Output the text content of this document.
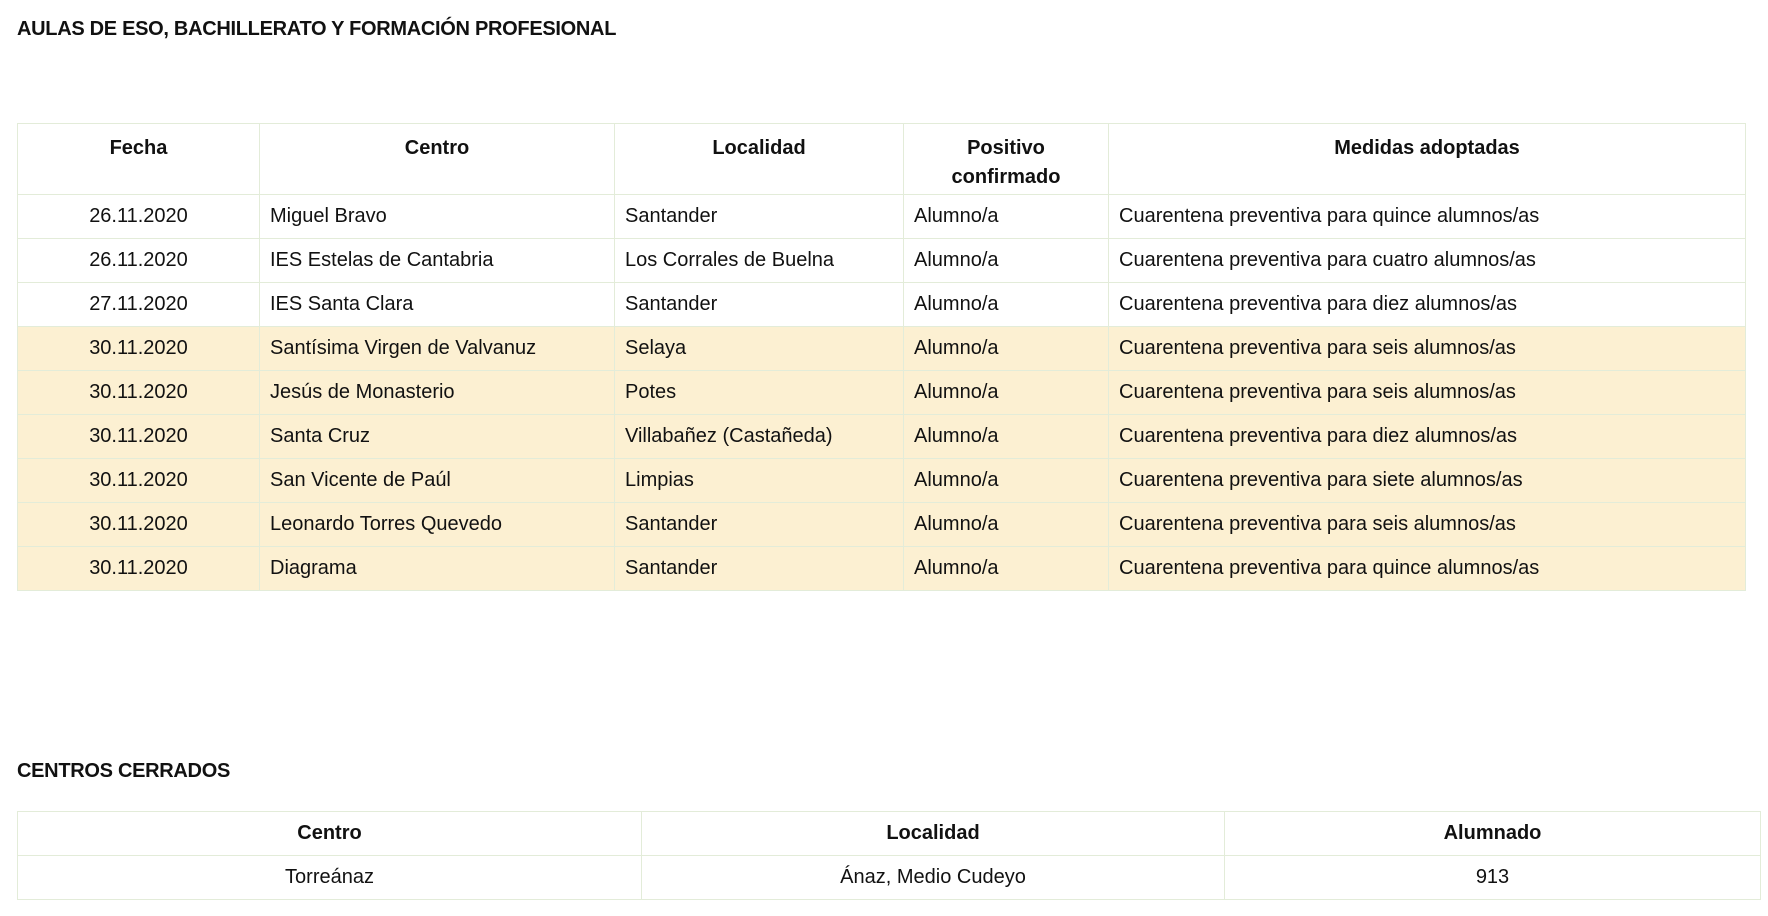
AULAS DE ESO, BACHILLERATO Y FORMACIÓN PROFESIONAL
Fecha	Centro	Localidad	Positivo confirmado	Medidas adoptadas
26.11.2020	Miguel Bravo	Santander	Alumno/a	Cuarentena preventiva para quince alumnos/as
26.11.2020	IES Estelas de Cantabria	Los Corrales de Buelna	Alumno/a	Cuarentena preventiva para cuatro alumnos/as
27.11.2020	IES Santa Clara	Santander	Alumno/a	Cuarentena preventiva para diez alumnos/as
30.11.2020	Santísima Virgen de Valvanuz	Selaya	Alumno/a	Cuarentena preventiva para seis alumnos/as
30.11.2020	Jesús de Monasterio	Potes	Alumno/a	Cuarentena preventiva para seis alumnos/as
30.11.2020	Santa Cruz	Villabañez (Castañeda)	Alumno/a	Cuarentena preventiva para diez alumnos/as
30.11.2020	San Vicente de Paúl	Limpias	Alumno/a	Cuarentena preventiva para siete alumnos/as
30.11.2020	Leonardo Torres Quevedo	Santander	Alumno/a	Cuarentena preventiva para seis alumnos/as
30.11.2020	Diagrama	Santander	Alumno/a	Cuarentena preventiva para quince alumnos/as
CENTROS CERRADOS
Centro	Localidad	Alumnado
Torreánaz	Ánaz, Medio Cudeyo	913
